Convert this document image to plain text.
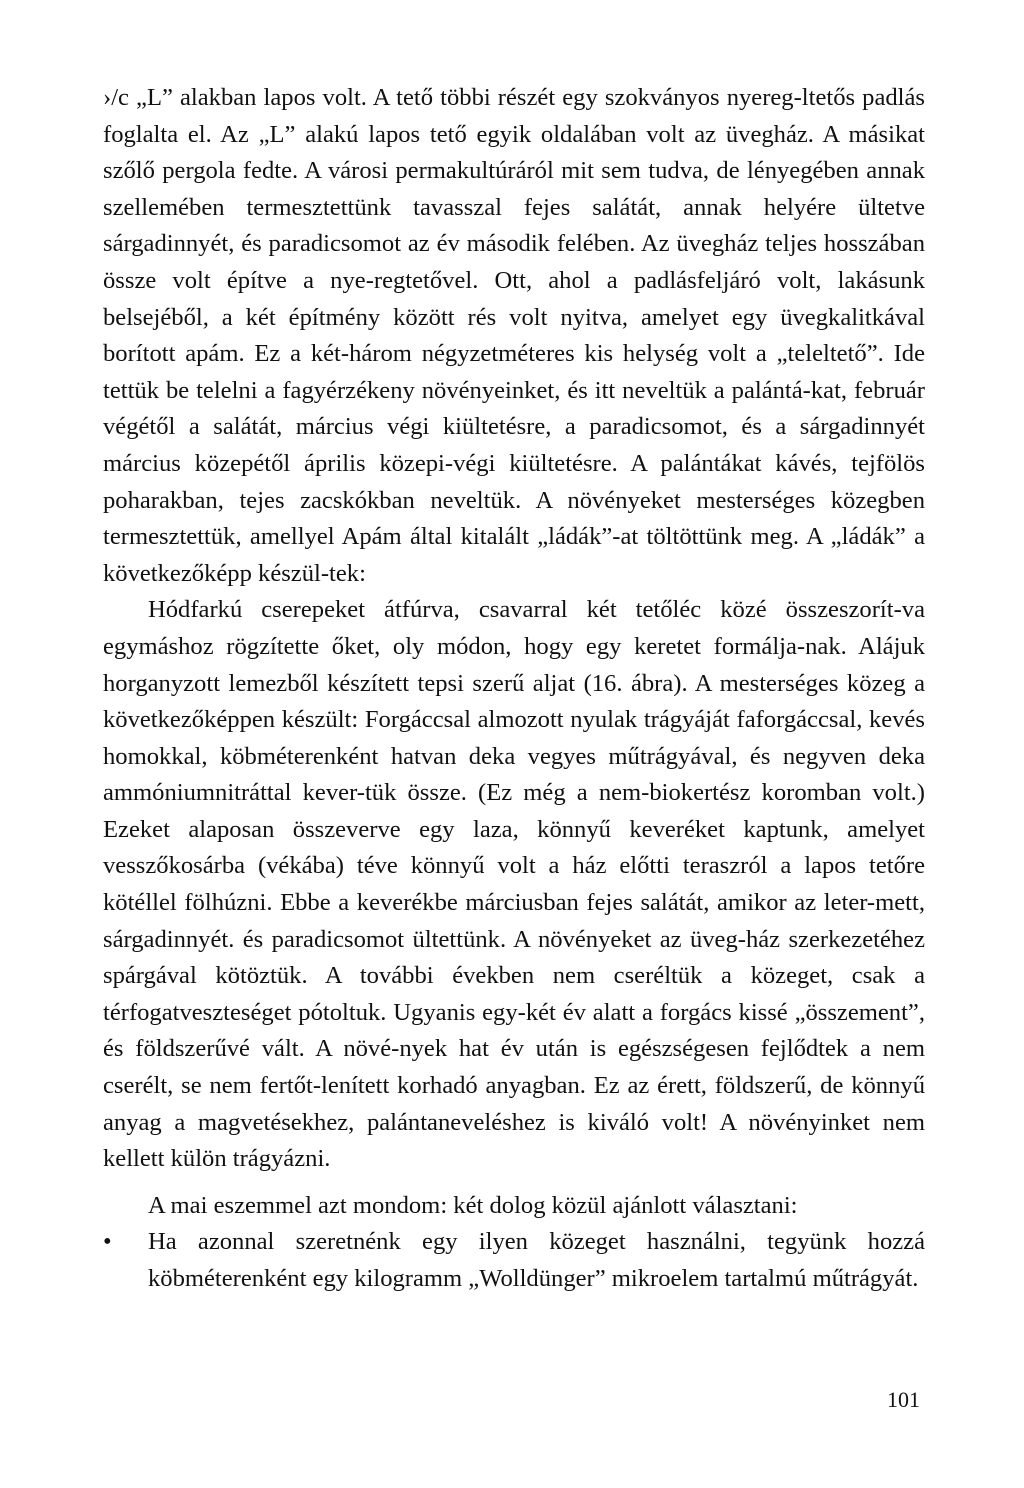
›/c „L” alakban lapos volt. A tető többi részét egy szokványos nyereg-ltetős padlás foglalta el. Az „L” alakú lapos tető egyik oldalában volt az üvegház. A másikat szőlő pergola fedte. A városi permakultúráról mit sem tudva, de lényegében annak szellemében termesztettünk tavasszal fejes salátát, annak helyére ültetve sárgadinnyét, és paradicsomot az év második felében. Az üvegház teljes hosszában össze volt építve a nye-regtetővel. Ott, ahol a padlásfeljáró volt, lakásunk belsejéből, a két építmény között rés volt nyitva, amelyet egy üvegkalitkával borított apám. Ez a két-három négyzetméteres kis helység volt a „teleltető”. Ide tettük be telelni a fagyérzékeny növényeinket, és itt neveltük a palántá-kat, február végétől a salátát, március végi kiültetésre, a paradicsomot, és a sárgadinnyét március közepétől április közepi-végi kiültetésre. A palántákat kávés, tejfölös poharakban, tejes zacskókban neveltük. A növényeket mesterséges közegben termesztettük, amellyel Apám által kitalált „ládák”-at töltöttünk meg. A „ládák” a következőképp készül-tek:

Hódfarkú cserepeket átfúrva, csavarral két tetőléc közé összeszorít-va egymáshoz rögzítette őket, oly módon, hogy egy keretet formálja-nak. Alájuk horganyzott lemezből készített tepsi szerű aljat (16. ábra). A mesterséges közeg a következőképpen készült: Forgáccsal almozott nyulak trágyáját faforgáccsal, kevés homokkal, köbméterenként hatvan deka vegyes műtrágyával, és negyven deka ammóniumnitráttal kever-tük össze. (Ez még a nem-biokertész koromban volt.) Ezeket alaposan összeverve egy laza, könnyű keveréket kaptunk, amelyet vesszőkosárba (vékába) téve könnyű volt a ház előtti teraszról a lapos tetőre kötéllel fölhúzni. Ebbe a keverékbe márciusban fejes salátát, amikor az leter-mett, sárgadinnyét. és paradicsomot ültettünk. A növényeket az üveg-ház szerkezetéhez spárgával kötöztük. A további években nem cseréltük a közeget, csak a térfogatveszteséget pótoltuk. Ugyanis egy-két év alatt a forgács kissé „összement”, és földszerűvé vált. A növé-nyek hat év után is egészségesen fejlődtek a nem cserélt, se nem fertőt-lenített korhadó anyagban. Ez az érett, földszerű, de könnyű anyag a magvetésekhez, palántaneveléshez is kiváló volt! A növényinket nem kellett külön trágyázni.

A mai eszemmel azt mondom: két dolog közül ajánlott választani:

•	Ha azonnal szeretnénk egy ilyen közeget használni, tegyünk hozzá köbméterenként egy kilogramm „Wolldünger” mikroelem tartalmú műtrágyát.
101
